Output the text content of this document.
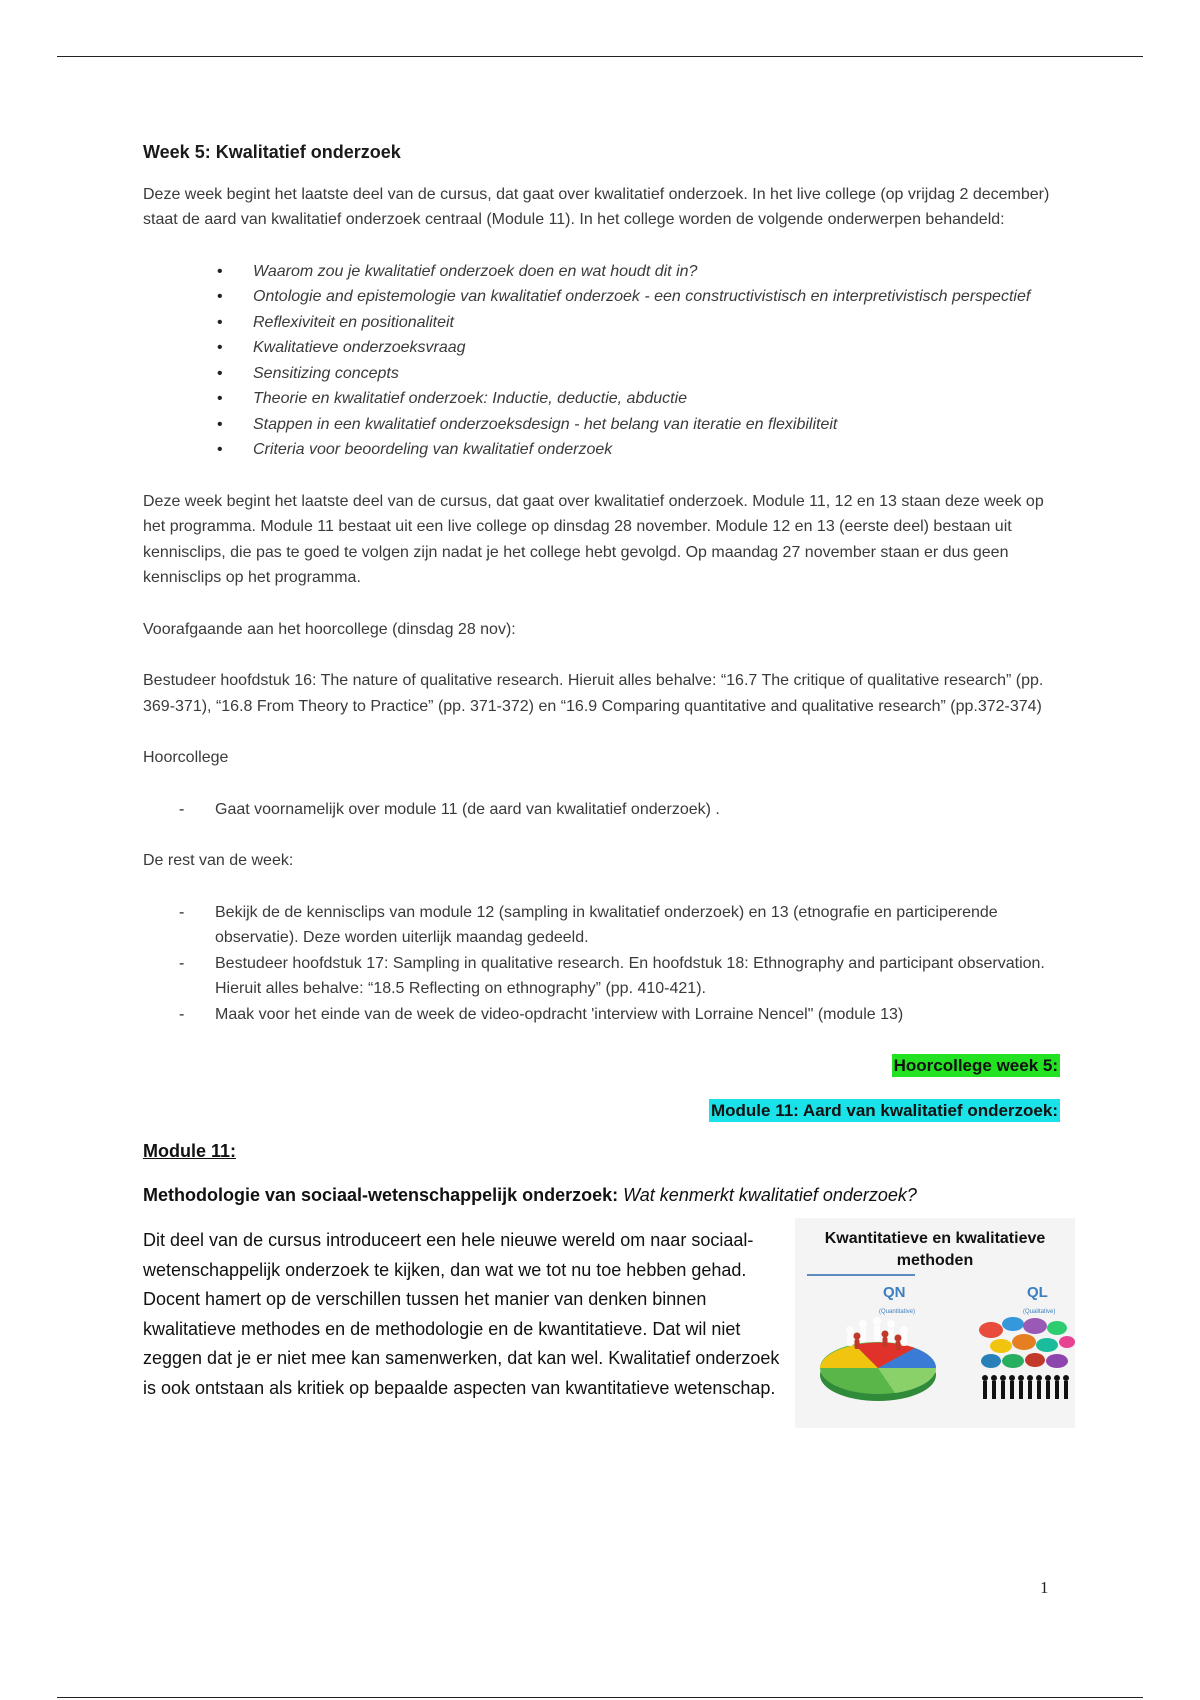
Week 5: Kwalitatief onderzoek

Deze week begint het laatste deel van de cursus, dat gaat over kwalitatief onderzoek. In het live college (op vrijdag 2 december) staat de aard van kwalitatief onderzoek centraal (Module 11). In het college worden de volgende onderwerpen behandeld:

• Waarom zou je kwalitatief onderzoek doen en wat houdt dit in?
• Ontologie and epistemologie van kwalitatief onderzoek - een constructivistisch en interpretivistisch perspectief
• Reflexiviteit en positionaliteit
• Kwalitatieve onderzoeksvraag
• Sensitizing concepts
• Theorie en kwalitatief onderzoek: Inductie, deductie, abductie
• Stappen in een kwalitatief onderzoeksdesign - het belang van iteratie en flexibiliteit
• Criteria voor beoordeling van kwalitatief onderzoek

Deze week begint het laatste deel van de cursus, dat gaat over kwalitatief onderzoek. Module 11, 12 en 13 staan deze week op het programma. Module 11 bestaat uit een live college op dinsdag 28 november. Module 12 en 13 (eerste deel) bestaan uit kennisclips, die pas te goed te volgen zijn nadat je het college hebt gevolgd. Op maandag 27 november staan er dus geen kennisclips op het programma.

Voorafgaande aan het hoorcollege (dinsdag 28 nov):

Bestudeer hoofdstuk 16: The nature of qualitative research. Hieruit alles behalve: “16.7 The critique of qualitative research” (pp. 369-371), “16.8 From Theory to Practice” (pp. 371-372) en “16.9 Comparing quantitative and qualitative research” (pp.372-374)

Hoorcollege

- Gaat voornamelijk over module 11 (de aard van kwalitatief onderzoek) .

De rest van de week:

- Bekijk de de kennisclips van module 12 (sampling in kwalitatief onderzoek) en 13 (etnografie en participerende observatie). Deze worden uiterlijk maandag gedeeld.
- Bestudeer hoofdstuk 17: Sampling in qualitative research. En hoofdstuk 18: Ethnography and participant observation. Hieruit alles behalve: “18.5 Reflecting on ethnography” (pp. 410-421).
- Maak voor het einde van de week de video-opdracht 'interview with Lorraine Nencel" (module 13)
Hoorcollege week 5:
Module 11: Aard van kwalitatief onderzoek:
Module 11:
Methodologie van sociaal-wetenschappelijk onderzoek: Wat kenmerkt kwalitatief onderzoek?
Dit deel van de cursus introduceert een hele nieuwe wereld om naar sociaal-wetenschappelijk onderzoek te kijken, dan wat we tot nu toe hebben gehad. Docent hamert op de verschillen tussen het manier van denken binnen kwalitatieve methodes en de methodologie en de kwantitatieve. Dat wil niet zeggen dat je er niet mee kan samenwerken, dat kan wel. Kwalitatief onderzoek is ook ontstaan als kritiek op bepaalde aspecten van kwantitatieve wetenschap.
Kwantitatieve en kwalitatieve methoden
QN
(Quantitative)
QL
(Qualitative)
1
